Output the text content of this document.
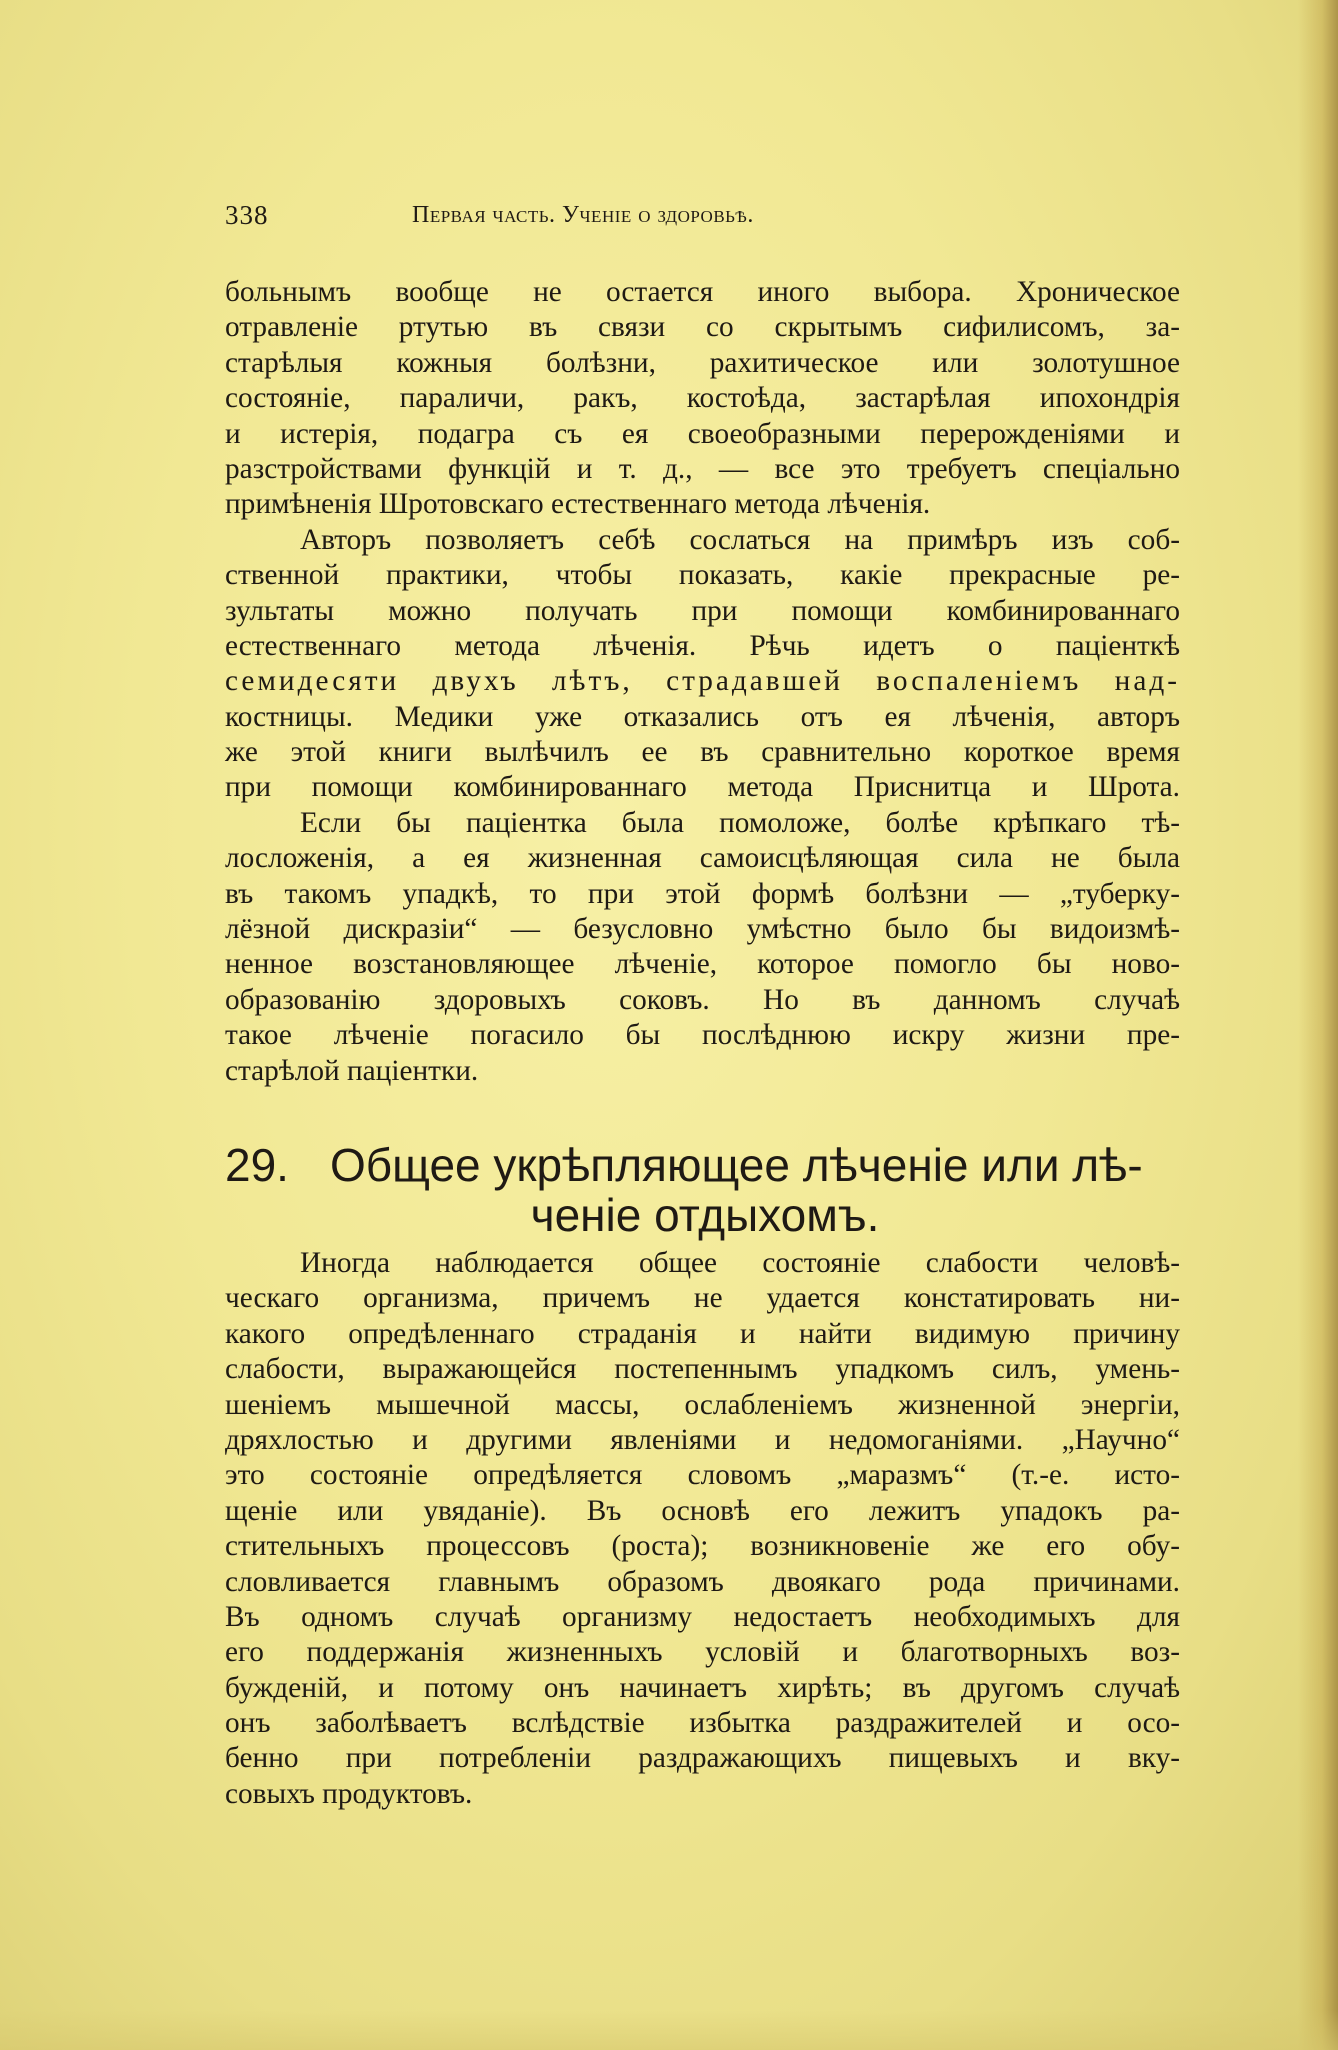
338	Первая часть. Ученіе о здоровьѣ.
больнымъ вообще не остается иного выбора. Хроническое
отравленіе ртутью въ связи со скрытымъ сифилисомъ, за-
старѣлыя кожныя болѣзни, рахитическое или золотушное
состояніе, параличи, ракъ, костоѣда, застарѣлая ипохондрія
и истерія, подагра съ ея своеобразными перерожденіями и
разстройствами функцій и т. д., — все это требуетъ спеціально
примѣненія Шротовскаго естественнаго метода лѣченія.
Авторъ позволяетъ себѣ сослаться на примѣръ изъ соб-
ственной практики, чтобы показать, какіе прекрасные ре-
зультаты можно получать при помощи комбинированнаго
естественнаго метода лѣченія. Рѣчь идетъ о паціенткѣ
семидесяти двухъ лѣтъ, страдавшей воспаленіемъ над-
костницы. Медики уже отказались отъ ея лѣченія, авторъ
же этой книги вылѣчилъ ее въ сравнительно короткое время
при помощи комбинированнаго метода Приснитца и Шрота.
Если бы паціентка была помоложе, болѣе крѣпкаго тѣ-
лосложенія, а ея жизненная самоисцѣляющая сила не была
въ такомъ упадкѣ, то при этой формѣ болѣзни — „туберку-
лёзной дискразіи“ — безусловно умѣстно было бы видоизмѣ-
ненное возстановляющее лѣченіе, которое помогло бы ново-
образованію здоровыхъ соковъ. Но въ данномъ случаѣ
такое лѣченіе погасило бы послѣднюю искру жизни пре-
старѣлой паціентки.
29. Общее укрѣпляющее лѣченіе или лѣ-
ченіе отдыхомъ.
Иногда наблюдается общее состояніе слабости человѣ-
ческаго организма, причемъ не удается констатировать ни-
какого опредѣленнаго страданія и найти видимую причину
слабости, выражающейся постепеннымъ упадкомъ силъ, умень-
шеніемъ мышечной массы, ослабленіемъ жизненной энергіи,
дряхлостью и другими явленіями и недомоганіями. „Научно“
это состояніе опредѣляется словомъ „маразмъ“ (т.-е. исто-
щеніе или увяданіе). Въ основѣ его лежитъ упадокъ ра-
стительныхъ процессовъ (роста); возникновеніе же его обу-
словливается главнымъ образомъ двоякаго рода причинами.
Въ одномъ случаѣ организму недостаетъ необходимыхъ для
его поддержанія жизненныхъ условій и благотворныхъ воз-
бужденій, и потому онъ начинаетъ хирѣть; въ другомъ случаѣ
онъ заболѣваетъ вслѣдствіе избытка раздражителей и осо-
бенно при потребленіи раздражающихъ пищевыхъ и вку-
совыхъ продуктовъ.
